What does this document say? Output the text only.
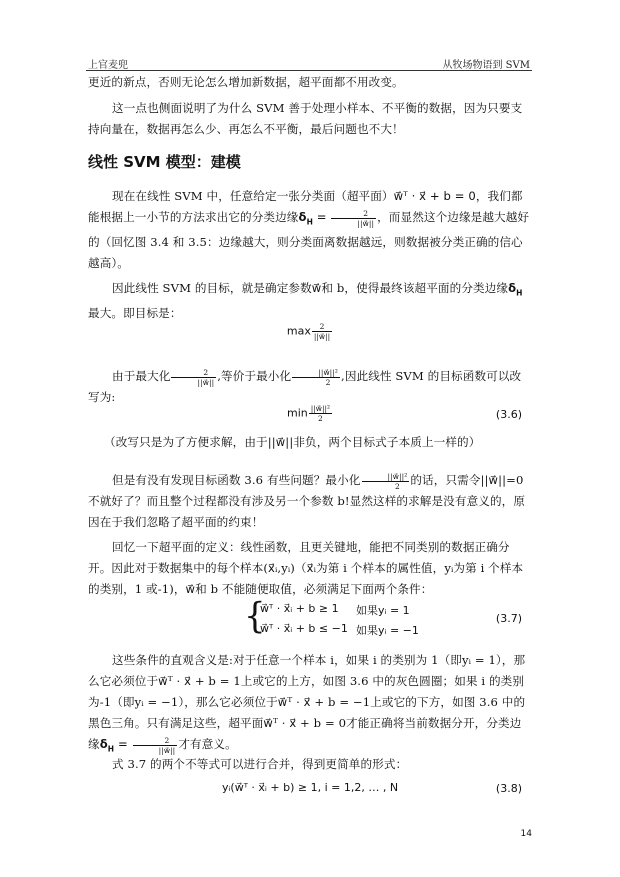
上官麦兜	从牧场物语到 SVM
更近的新点，否则无论怎么增加新数据，超平面都不用改变。
这一点也侧面说明了为什么 SVM 善于处理小样本、不平衡的数据，因为只要支持向量在，数据再怎么少、再怎么不平衡，最后问题也不大！
线性 SVM 模型：建模
现在在线性 SVM 中，任意给定一张分类面（超平面）w⃗ᵀ · x⃗ + b = 0，我们都能根据上一小节的方法求出它的分类边缘$\delta_H = \frac{2}{||w⃗||}$ ，而显然这个边缘是越大越好的（回忆图 3.4 和 3.5：边缘越大，则分类面离数据越远，则数据被分类正确的信心越高）。
因此线性 SVM 的目标，就是确定参数w⃗和 b，使得最终该超平面的分类边缘$\delta_H$最大。即目标是：
$\max \frac{2}{||w⃗||}$
由于最大化 $\frac{2}{||w⃗||}$ ,等价于最小化 $\frac{\text{||w⃗||²}}{2}$ ,因此线性 SVM 的目标函数可以改写为:
$\min \frac{\text{||w⃗||²}}{2}$	(3.6)
（改写只是为了方便求解，由于||w⃗||非负，两个目标式子本质上一样的）
但是有没有发现目标函数 3.6 有些问题？最小化 $\frac{\text{||w⃗||²}}{2}$ 的话，只需令||w⃗||=0 不就好了？而且整个过程都没有涉及另一个参数 b!显然这样的求解是没有意义的，原因在于我们忽略了超平面的约束！
回忆一下超平面的定义：线性函数，且更关键地，能把不同类别的数据正确分开。因此对于数据集中的每个样本(x⃗ᵢ,yᵢ)（x⃗ᵢ为第 i 个样本的属性值，yᵢ为第 i 个样本的类别，1 或-1)，w⃗和 b 不能随便取值，必须满足下面两个条件：
{
w⃗ᵀ · x⃗ᵢ + b ≥ 1
w⃗ᵀ · x⃗ᵢ + b ≤ −1
如果yᵢ = 1
如果yᵢ = −1
(3.7)
这些条件的直观含义是:对于任意一个样本 i，如果 i 的类别为 1（即yᵢ = 1），那么它必须位于w⃗ᵀ · x⃗ + b = 1上或它的上方，如图 3.6 中的灰色圆圈；如果 i 的类别为-1（即yᵢ = −1），那么它必须位于w⃗ᵀ · x⃗ + b = −1上或它的下方，如图 3.6 中的黑色三角。只有满足这些，超平面w⃗ᵀ · x⃗ + b = 0才能正确将当前数据分开，分类边缘$\delta_H = \frac{2}{||w⃗||}$ 才有意义。
式 3.7 的两个不等式可以进行合并，得到更简单的形式：
yᵢ(w⃗ᵀ · x⃗ᵢ + b) ≥ 1, i = 1,2, … , N	(3.8)
14
